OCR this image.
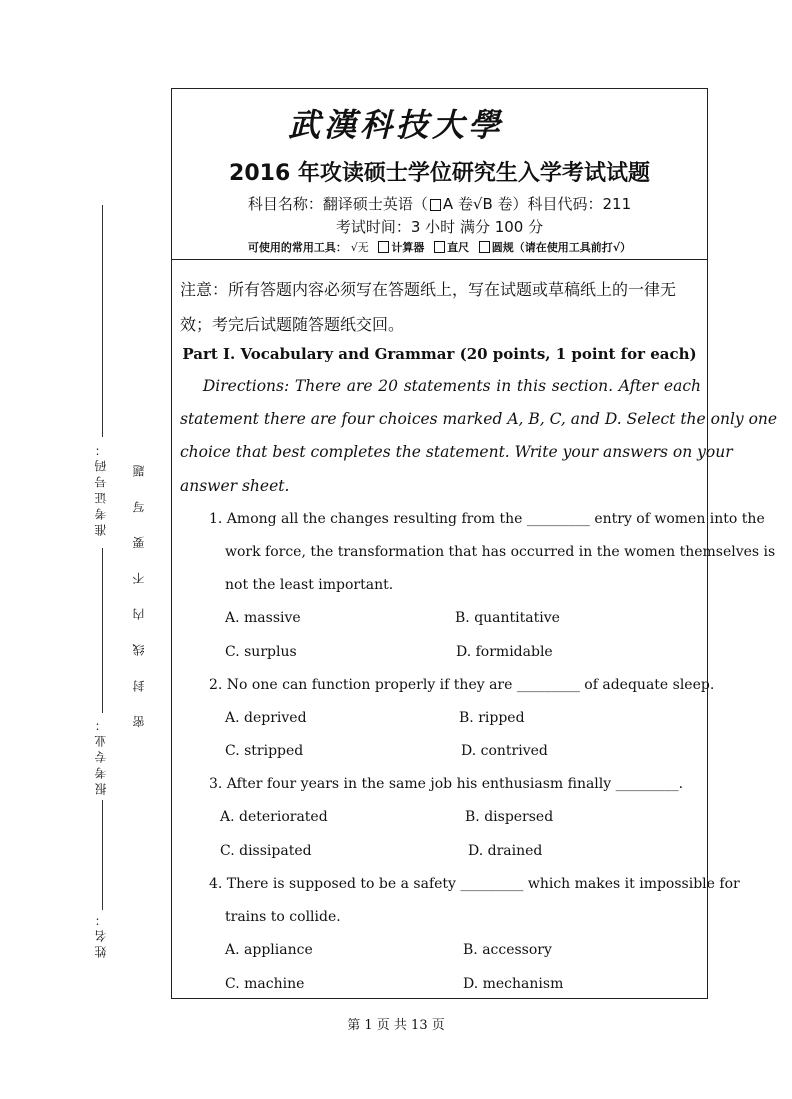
武漢科技大學
2016 年攻读硕士学位研究生入学考试试题
科目名称：翻译硕士英语（ A 卷√B 卷）科目代码：211
考试时间：3 小时 满分 100 分
可使用的常用工具： √无 计算器 直尺 圆规（请在使用工具前打√）
注意：所有答题内容必须写在答题纸上，写在试题或草稿纸上的一律无
效；考完后试题随答题纸交回。
Part I. Vocabulary and Grammar (20 points, 1 point for each)
Directions: There are 20 statements in this section. After each
statement there are four choices marked A, B, C, and D. Select the only one
choice that best completes the statement. Write your answers on your
answer sheet.
1. Among all the changes resulting from the _________ entry of women into the
work force, the transformation that has occurred in the women themselves is
not the least important.
A. massive	B. quantitative
C. surplus	D. formidable
2. No one can function properly if they are _________ of adequate sleep.
A. deprived	B. ripped
C. stripped	D. contrived
3. After four years in the same job his enthusiasm finally _________.
A. deteriorated	B. dispersed
C. dissipated	D. drained
4. There is supposed to be a safety _________ which makes it impossible for
trains to collide.
A. appliance	B. accessory
C. machine	D. mechanism
准考证号码： 密 封 线 内 不 要 写 题
报考专业：
姓名：
第 1 页 共 13 页
